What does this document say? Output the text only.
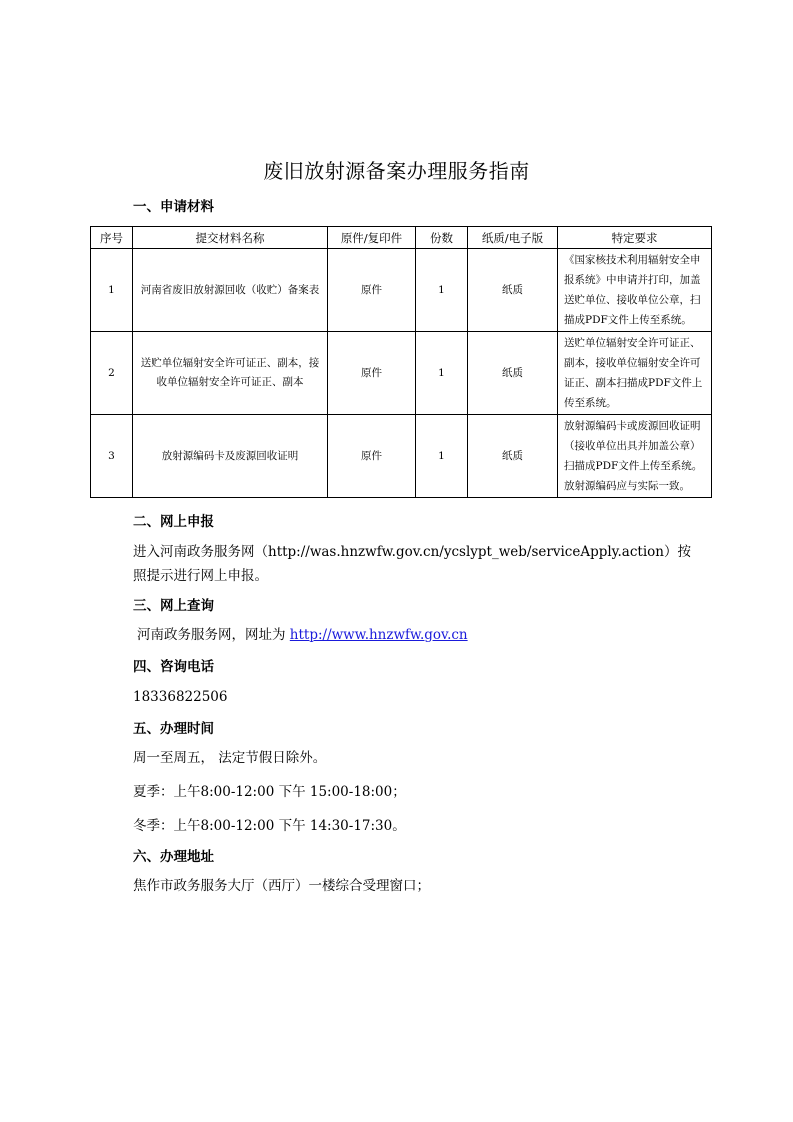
废旧放射源备案办理服务指南
一、申请材料
序号	提交材料名称	原件/复印件	份数	纸质/电子版	特定要求
1	河南省废旧放射源回收（收贮）备案表	原件	1	纸质	《国家核技术利用辐射安全申报系统》中申请并打印，加盖送贮单位、接收单位公章，扫描成PDF文件上传至系统。
2	送贮单位辐射安全许可证正、副本，接收单位辐射安全许可证正、副本	原件	1	纸质	送贮单位辐射安全许可证正、副本，接收单位辐射安全许可证正、副本扫描成PDF文件上传至系统。
3	放射源编码卡及废源回收证明	原件	1	纸质	放射源编码卡或废源回收证明（接收单位出具并加盖公章）扫描成PDF文件上传至系统。放射源编码应与实际一致。
二、网上申报
进入河南政务服务网（http://was.hnzwfw.gov.cn/ycslypt_web/serviceApply.action）按照提示进行网上申报。
三、网上查询
河南政务服务网，网址为 http://www.hnzwfw.gov.cn
四、咨询电话
18336822506
五、办理时间
周一至周五， 法定节假日除外。
夏季：上午8:00-12:00 下午 15:00-18:00；
冬季：上午8:00-12:00 下午 14:30-17:30。
六、办理地址
焦作市政务服务大厅（西厅）一楼综合受理窗口；
